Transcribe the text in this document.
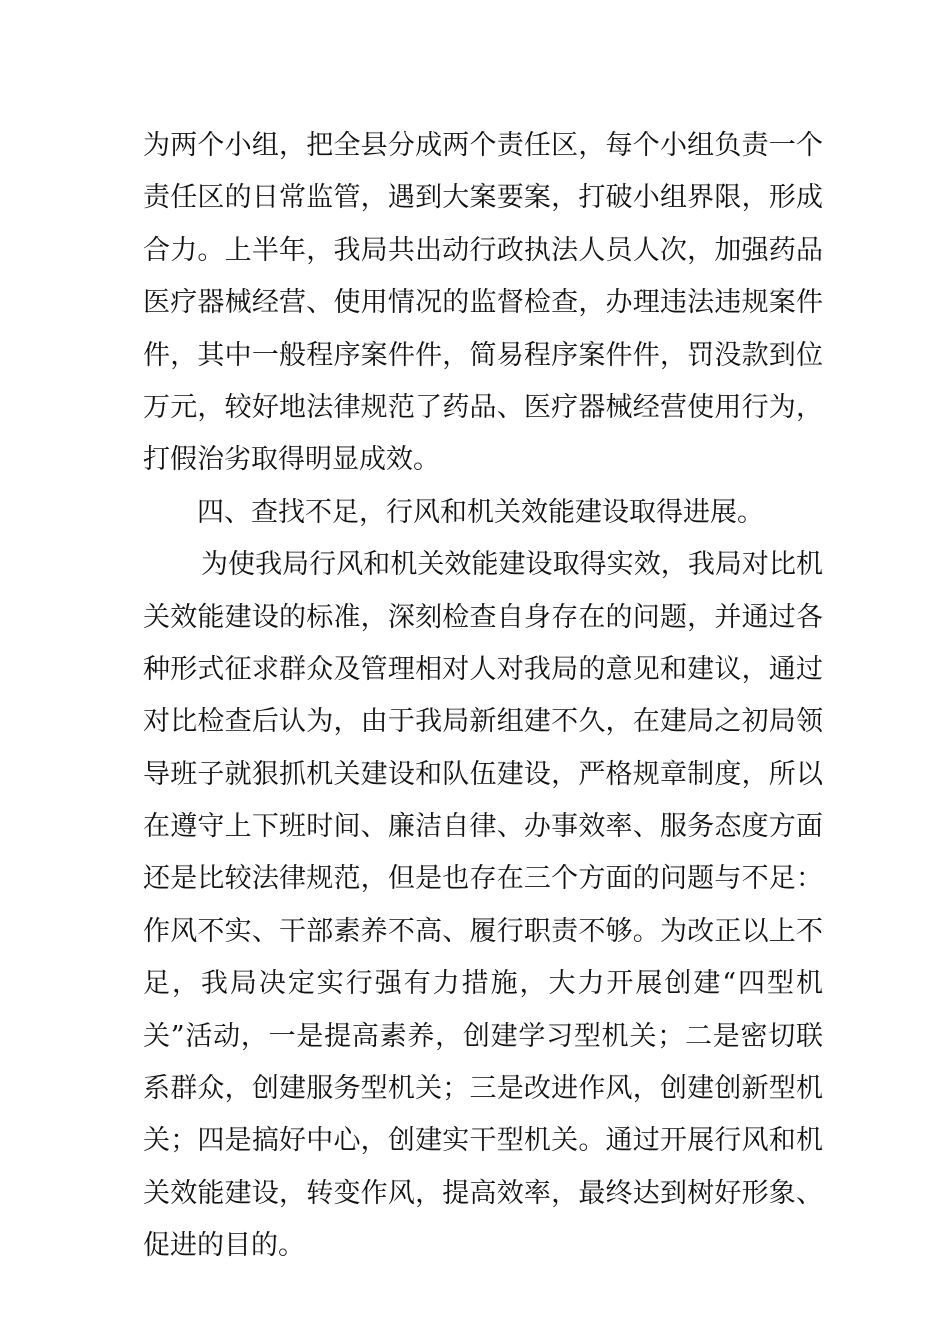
为两个小组，把全县分成两个责任区，每个小组负责一个
责任区的日常监管，遇到大案要案，打破小组界限，形成
合力。上半年，我局共出动行政执法人员人次，加强药品
医疗器械经营、使用情况的监督检查，办理违法违规案件
件，其中一般程序案件件，简易程序案件件，罚没款到位
万元，较好地法律规范了药品、医疗器械经营使用行为，
打假治劣取得明显成效。
四、查找不足，行风和机关效能建设取得进展。
为使我局行风和机关效能建设取得实效，我局对比机
关效能建设的标准，深刻检查自身存在的问题，并通过各
种形式征求群众及管理相对人对我局的意见和建议，通过
对比检查后认为，由于我局新组建不久，在建局之初局领
导班子就狠抓机关建设和队伍建设，严格规章制度，所以
在遵守上下班时间、廉洁自律、办事效率、服务态度方面
还是比较法律规范，但是也存在三个方面的问题与不足：
作风不实、干部素养不高、履行职责不够。为改正以上不
足，我局决定实行强有力措施，大力开展创建“四型机
关”活动，一是提高素养，创建学习型机关；二是密切联
系群众，创建服务型机关；三是改进作风，创建创新型机
关；四是搞好中心，创建实干型机关。通过开展行风和机
关效能建设，转变作风，提高效率，最终达到树好形象、
促进的目的。
